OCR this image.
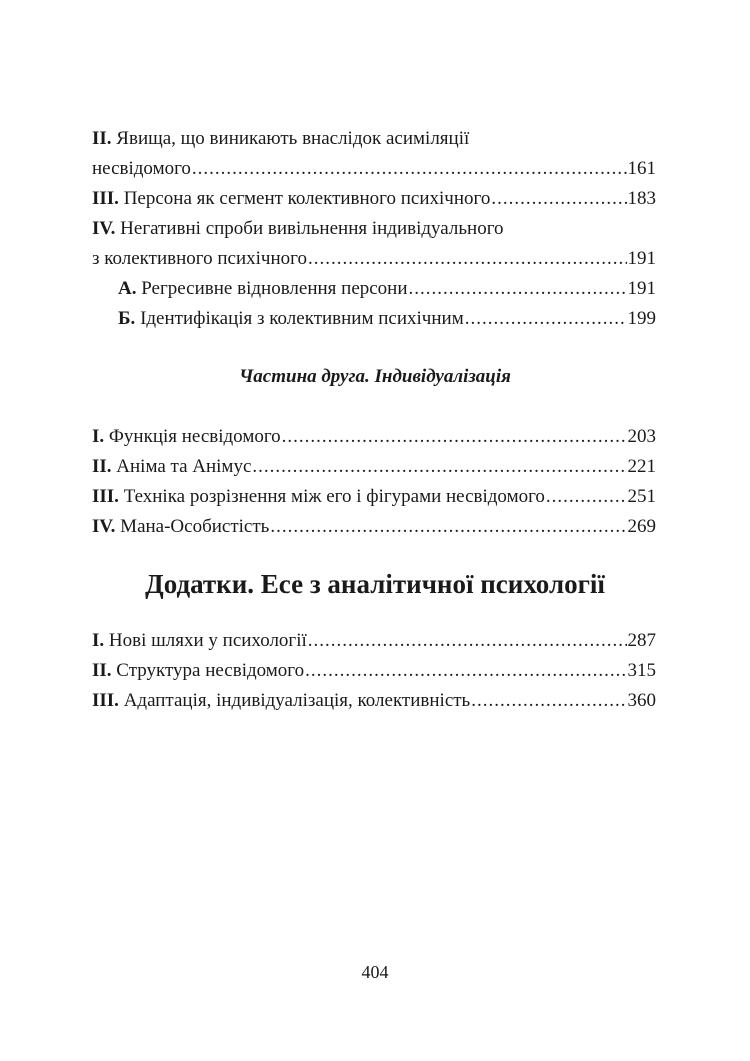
II. Явища, що виникають внаслідок асиміляції
несвідомого .....	161
III. Персона як сегмент колективного психічного .....	183
IV. Негативні спроби вивільнення індивідуального
з колективного психічного .....	191
А. Регресивне відновлення персони .....	191
Б. Ідентифікація з колективним психічним .....	199
Частина друга. Індивідуалізація
I. Функція несвідомого .....	203
II. Аніма та Анімус .....	221
III. Техніка розрізнення між его і фігурами несвідомого .....	251
IV. Мана-Особистість .....	269
Додатки. Есе з аналітичної психології
I. Нові шляхи у психології .....	287
II. Структура несвідомого .....	315
III. Адаптація, індивідуалізація, колективність .....	360
404
